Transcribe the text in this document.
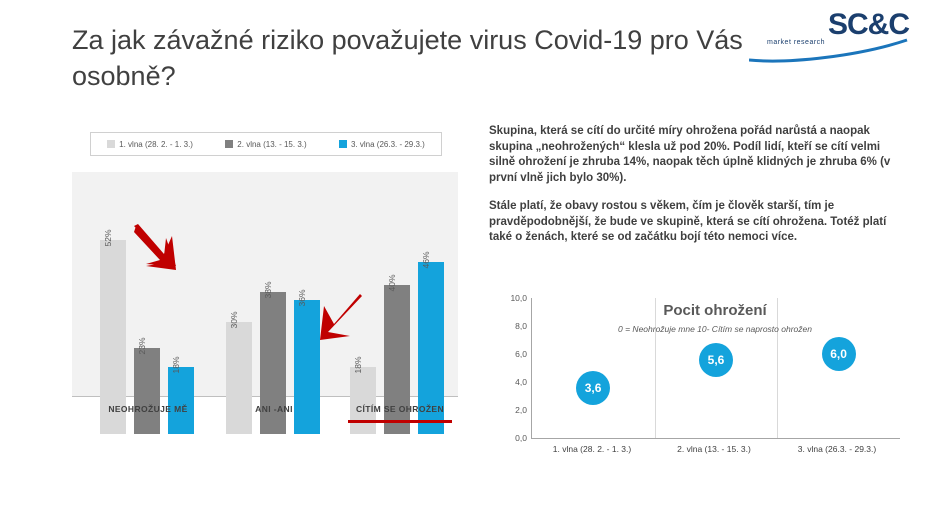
Za jak závažné riziko považujete virus Covid-19 pro Vás osobně?
SC&C
market research
1. vlna (28. 2. - 1. 3.)	2. vlna (13. - 15. 3.)	3. vlna (26.3. - 29.3.)
52%
23%
18%
NEOHROŽUJE MĚ
30%
38%	36%
ANI -ANI
18%
40%
46%
CÍTÍM SE OHROŽEN

Skupina, která se cítí do určité míry ohrožena pořád narůstá a naopak skupina „neohrožených“ klesla už pod 20%. Podíl lidí, kteří se cítí velmi silně ohrožení je zhruba 14%, naopak těch úplně klidných je zhruba 6% (v první vlně jich bylo 30%).

Stále platí, že obavy rostou s věkem, čím je člověk starší, tím je pravděpodobnější, že bude ve skupině, která se cítí ohrožena. Totéž platí také o ženách, které se od začátku bojí této nemoci více.

10,0
8,0
6,0
4,0
2,0
0,0
3,6
5,6	6,0
Pocit ohrožení
0 = Neohrožuje mne 10- Cítím se naprosto ohrožen
1. vlna (28. 2. - 1. 3.)	2. vlna (13. - 15. 3.)	3. vlna (26.3. - 29.3.)
